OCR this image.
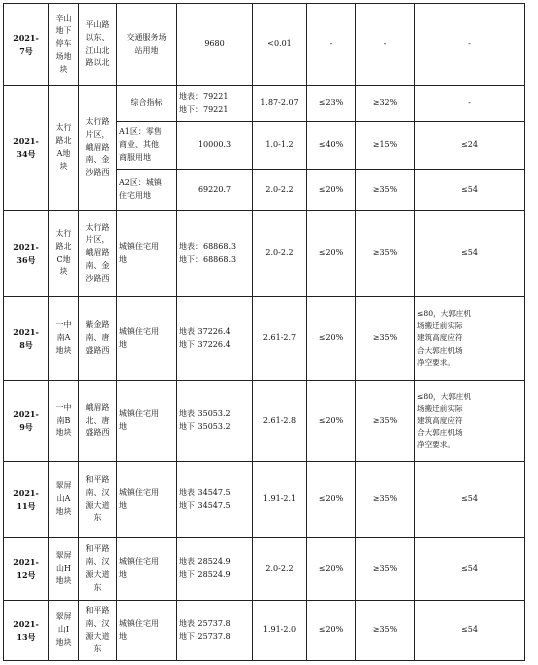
2021-
7号	辛山
地下
停车
场地
块	平山路
以东、
江山北
路以北	交通服务场
站用地	9680	<0.01	-	-	-
2021-
34号	太行
路北
A地
块	太行路
片区，
峨眉路
南、金
沙路西	综合指标	地表：79221
地下：79221	1.87-2.07	≤23%	≥32%	-
			A1区：零售
商业、其他
商服用地	10000.3	1.0-1.2	≤40%	≥15%	≤24
			A2区：城镇
住宅用地	69220.7	2.0-2.2	≤20%	≥35%	≤54
2021-
36号	太行
路北
C地
块	太行路
片区，
峨眉路
南、金
沙路西	城镇住宅用
地	地表：68868.3
地下：68868.3	2.0-2.2	≤20%	≥35%	≤54
2021-
8号	一中
南A
地块	紫金路
南、唐
盛路西	城镇住宅用
地	地表 37226.4
地下 37226.4	2.61-2.7	≤20%	≥35%	≤80，大郭庄机
场搬迁前实际
建筑高度应符
合大郭庄机场
净空要求。
2021-
9号	一中
南B
地块	峨眉路
北、唐
盛路西	城镇住宅用
地	地表 35053.2
地下 35053.2	2.61-2.8	≤20%	≥35%	≤80，大郭庄机
场搬迁前实际
建筑高度应符
合大郭庄机场
净空要求。
2021-
11号	翠屏
山A
地块	和平路
南、汉
源大道
东	城镇住宅用
地	地表 34547.5
地下 34547.5	1.91-2.1	≤20%	≥35%	≤54
2021-
12号	翠屏
山H
地块	和平路
南、汉
源大道
东	城镇住宅用
地	地表 28524.9
地下 28524.9	2.0-2.2	≤20%	≥35%	≤54
2021-
13号	翠屏
山I
地块	和平路
南、汉
源大道
东	城镇住宅用
地	地表 25737.8
地下 25737.8	1.91-2.0	≤20%	≥35%	≤54
